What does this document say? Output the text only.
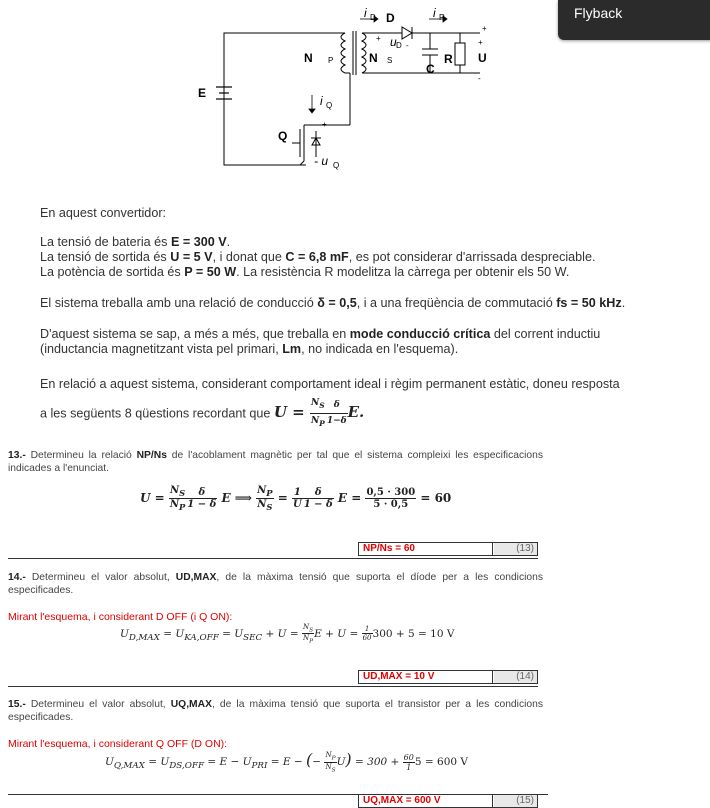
Flyback
i D	i
N	N
C
R U
E
i
Q
u
- u
D	R
P	S
D
Q
Q
+
+
-	+
-
+
En aquest convertidor:
La tensió de bateria és E = 300 V.
La tensió de sortida és U = 5 V, i donat que C = 6,8 mF, es pot considerar d'arrissada despreciable.
La potència de sortida és P = 50 W. La resistència R modelitza la càrrega per obtenir els 50 W.
El sistema treballa amb una relació de conducció δ = 0,5, i a una freqüència de commutació fs = 50 kHz.
D'aquest sistema se sap, a més a més, que treballa en mode conducció crítica del corrent inductiu
(inductancia magnetitzant vista pel primari, Lm, no indicada en l'esquema).
En relació a aquest sistema, considerant comportament ideal i règim permanent estàtic, doneu resposta
a les següents 8 qüestions recordant que $U = \frac{N_S}{N_P} \frac{\delta}{1-\delta} E$.
13.- Determineu la relació NP/Ns de l'acoblament magnètic per tal que el sistema compleixi les especificacions indicades a l'enunciat.
$U = \frac{N_S}{N_P} \frac{\delta}{1 - \delta}$ E ⟹ $\frac{N_P}{N_S} = \frac{1}{U} \frac{\delta}{1 - \delta}$ $E = \frac{0,5 \cdot 300}{5 \cdot 0,5} = 60$
NP/Ns = 60	(13)
14.- Determineu el valor absolut, UD,MAX, de la màxima tensió que suporta el díode per a les condicions especificades.
Mirant l'esquema, i considerant D OFF (i Q ON):
$U_{D,MAX} = U_{KA,OFF} = U_{SEC} + U = \frac{N_S}{N_P}$ $E + U = \frac{1}{60} 300 + 5 = 10$ V
UD,MAX = 10 V	(14)
15.- Determineu el valor absolut, UQ,MAX, de la màxima tensió que suporta el transistor per a les condicions especificades.
Mirant l'esquema, i considerant Q OFF (D ON):
$U_{Q,MAX} = U_{DS,OFF} = E - U_{PRI} = E$ − (− $\frac{N_P}{N_S} U) = 300 + \frac{60}{1} 5 = 600$ V
UQ,MAX = 600 V	(15)
